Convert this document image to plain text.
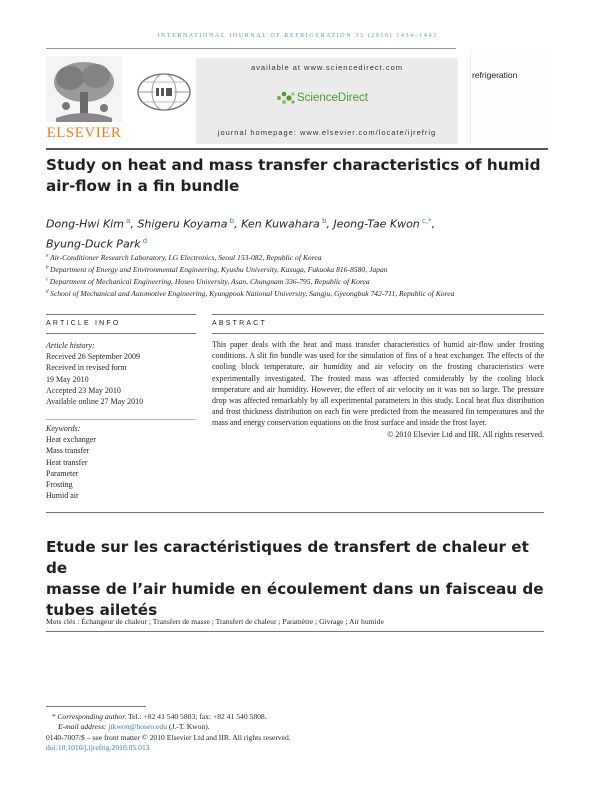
INTERNATIONAL JOURNAL OF REFRIGERATION 33 (2010) 1434–1443
ELSEVIER
available at www.sciencedirect.com
ScienceDirect
journal homepage: www.elsevier.com/locate/ijrefrig
refrigeration
Study on heat and mass transfer characteristics of humid
air-flow in a fin bundle
Dong-Hwi Kim  $^a$, Shigeru Koyama  $^b$, Ken Kuwahara  $^b$, Jeong-Tae Kwon  $^{c,*}$,
Byung-Duck Park  $^d$
$^a$  Air-Conditioner Research Laboratory, LG Electronics, Seoul 153-082, Republic of Korea
$^b$  Department of Energy and Environmental Engineering, Kyushu University, Kasuga, Fukuoka 816-8580, Japan
$^c$  Department of Mechanical Engineering, Hoseo University, Asan, Chungnam 336-795, Republic of Korea
$^d$  School of Mechanical and Automotive Engineering, Kyungpook National University, Sangju, Gyeongbuk 742-711, Republic of Korea
ARTICLE INFO	ABSTRACT
Article history:
Received 26 September 2009
Received in revised form
19 May 2010
Accepted 23 May 2010
Available online 27 May 2010
Keywords:
Heat exchanger
Mass transfer
Heat transfer
Parameter
Frosting
Humid air
This paper deals with the heat and mass transfer characteristics of humid air-flow under frosting conditions. A slit fin bundle was used for the simulation of fins of a heat exchanger. The effects of the cooling block temperature, air humidity and air velocity on the frosting characteristics were experimentally investigated. The frosted mass was affected considerably by the cooling block temperature and air humidity. However, the effect of air velocity on it was not so large. The pressure drop was affected remarkably by all experimental parameters in this study. Local heat flux distribution and frost thickness distribution on each fin were predicted from the measured fin temperatures and the mass and energy conservation equations on the frost surface and inside the frost layer.
© 2010 Elsevier Ltd and IIR. All rights reserved.
Etude sur les caractéristiques de transfert de chaleur et de
masse de l’air humide en écoulement dans un faisceau de
tubes ailetés
Mots clés : Échangeur de chaleur ; Transfert de masse ; Transfert de chaleur ; Paramètre ; Givrage ; Air humide
*  Corresponding author. Tel.: +82 41 540 5803; fax: +82 41 540 5808.
E-mail address: jtkwon@hoseo.edu (J.-T. Kwon).
0140-7007/$ – see front matter © 2010 Elsevier Ltd and IIR. All rights reserved.
doi:10.1016/j.ijrefrig.2010.05.013
